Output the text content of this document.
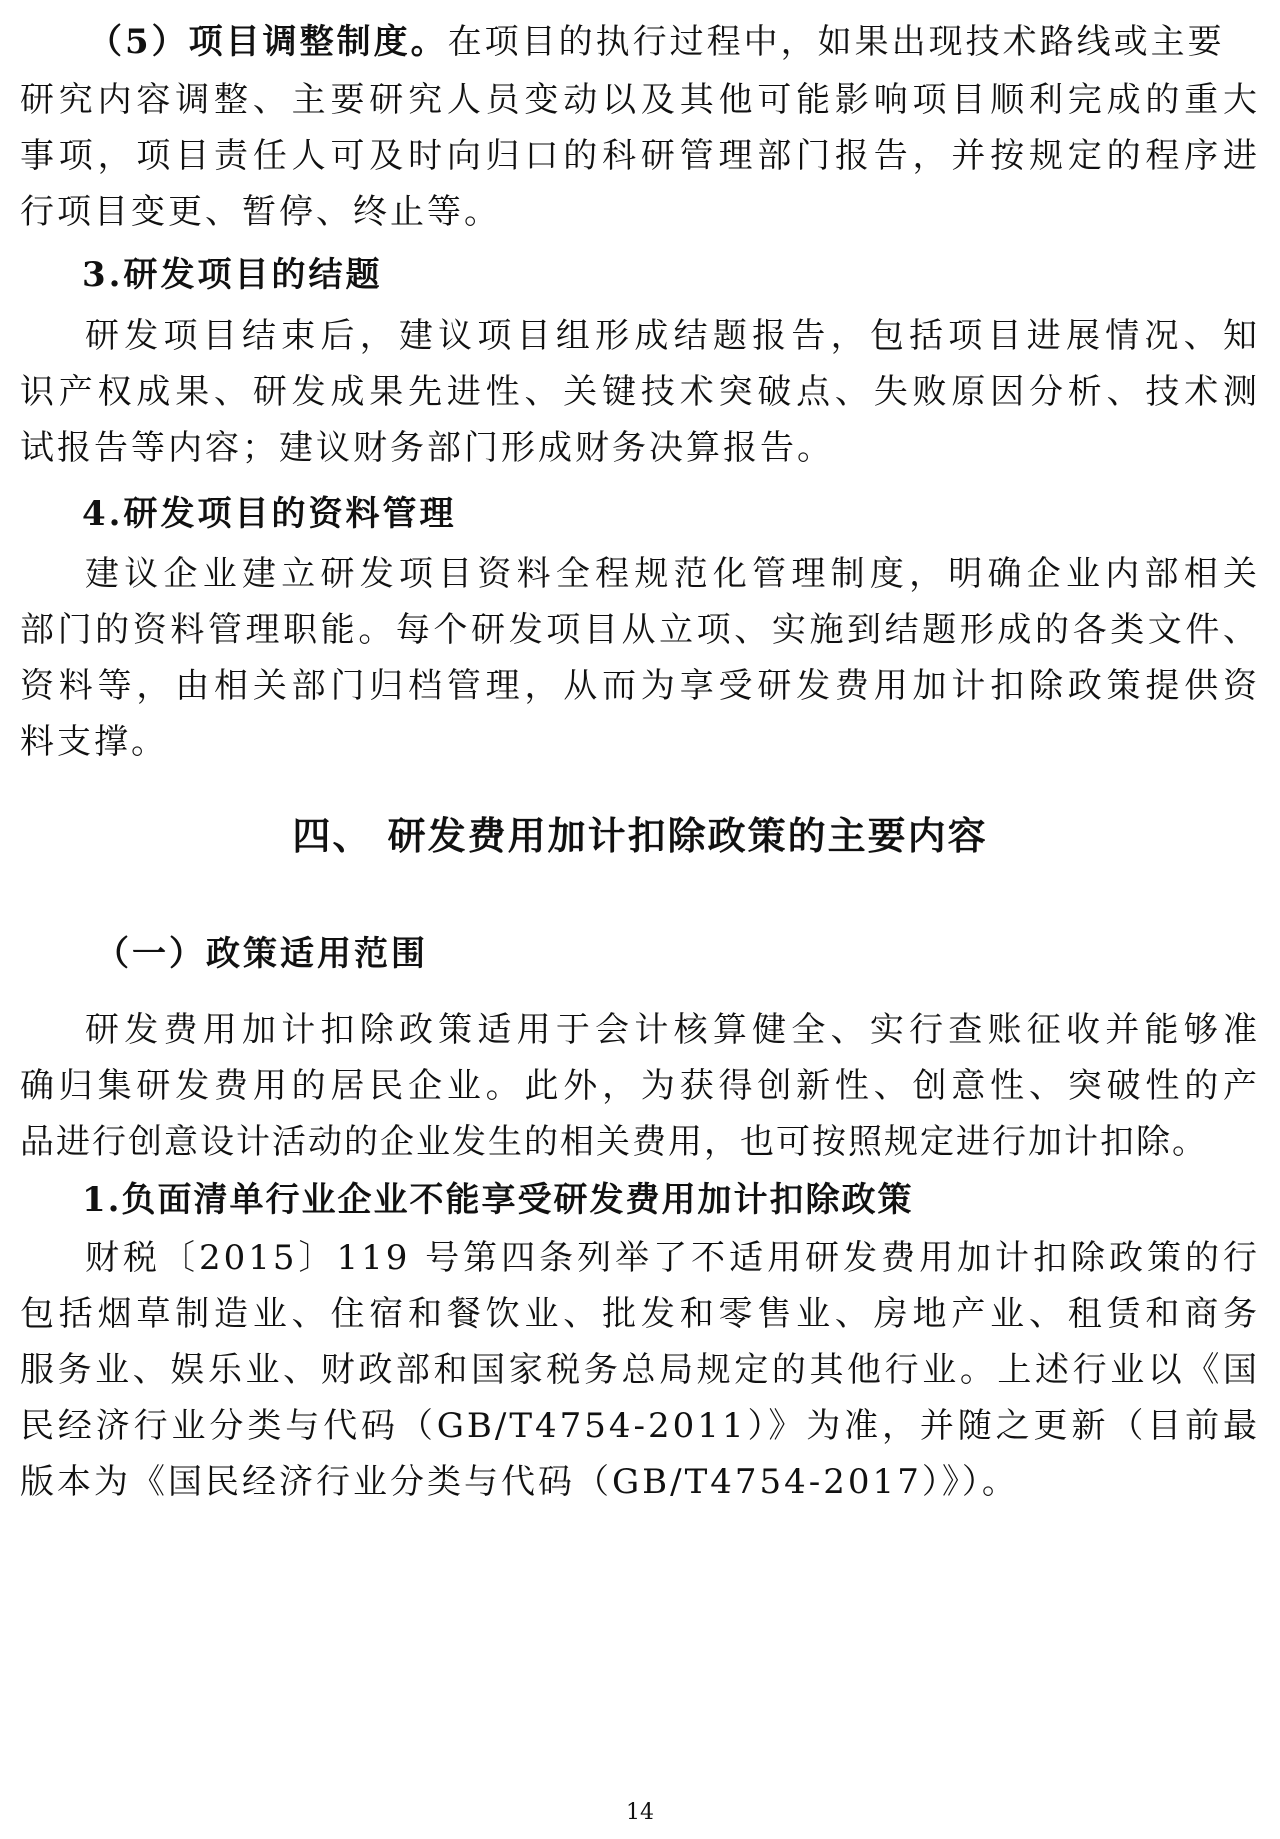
（5）项目调整制度。在项目的执行过程中，如果出现技术路线或主要
研究内容调整、主要研究人员变动以及其他可能影响项目顺利完成的重大
事项，项目责任人可及时向归口的科研管理部门报告，并按规定的程序进
行项目变更、暂停、终止等。
3.研发项目的结题
研发项目结束后，建议项目组形成结题报告，包括项目进展情况、知
识产权成果、研发成果先进性、关键技术突破点、失败原因分析、技术测
试报告等内容；建议财务部门形成财务决算报告。
4.研发项目的资料管理
建议企业建立研发项目资料全程规范化管理制度，明确企业内部相关
部门的资料管理职能。每个研发项目从立项、实施到结题形成的各类文件、
资料等，由相关部门归档管理，从而为享受研发费用加计扣除政策提供资
料支撑。
四、 研发费用加计扣除政策的主要内容
（一）政策适用范围
研发费用加计扣除政策适用于会计核算健全、实行查账征收并能够准
确归集研发费用的居民企业。此外，为获得创新性、创意性、突破性的产
品进行创意设计活动的企业发生的相关费用，也可按照规定进行加计扣除。
1.负面清单行业企业不能享受研发费用加计扣除政策
财税〔2015〕119 号第四条列举了不适用研发费用加计扣除政策的行
包括烟草制造业、住宿和餐饮业、批发和零售业、房地产业、租赁和商务
服务业、娱乐业、财政部和国家税务总局规定的其他行业。上述行业以《国
民经济行业分类与代码（GB/T4754-2011）》为准，并随之更新（目前最
版本为《国民经济行业分类与代码（GB/T4754-2017）》）。
14
